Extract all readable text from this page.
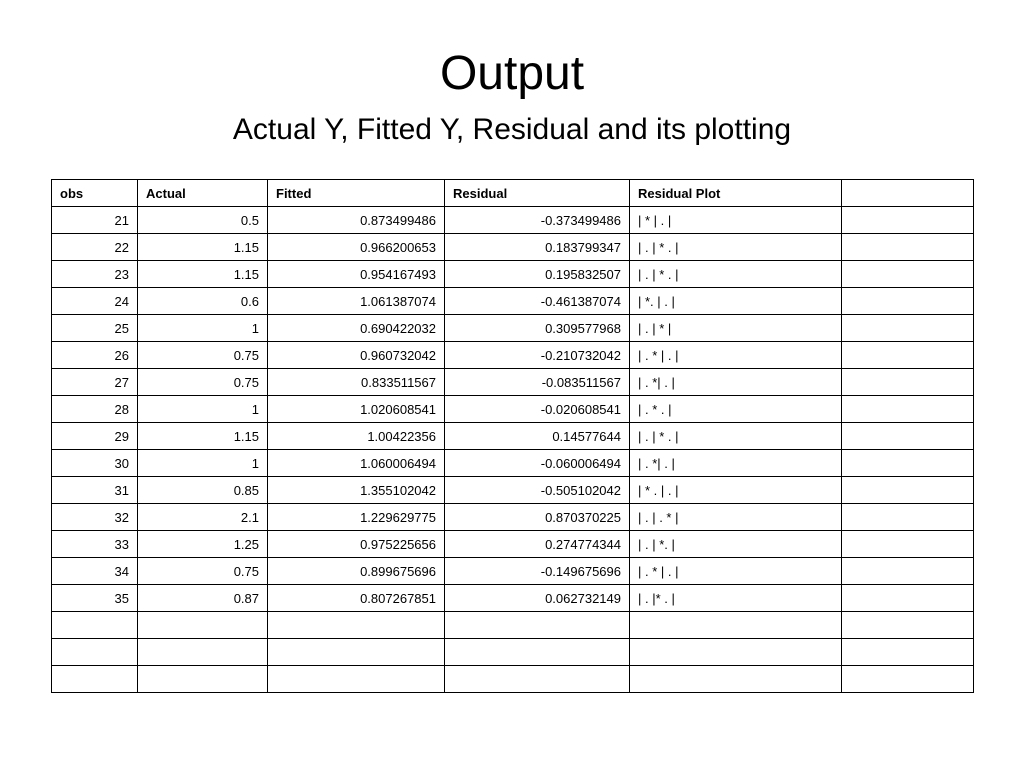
Output
Actual Y, Fitted Y, Residual and its plotting
obs	Actual	Fitted	Residual	Residual Plot	
21	0.5	0.873499486	-0.373499486	| * | . |	
22	1.15	0.966200653	0.183799347	| . | * . |	
23	1.15	0.954167493	0.195832507	| . | * . |	
24	0.6	1.061387074	-0.461387074	| *. | . |	
25	1	0.690422032	0.309577968	| . | * |	
26	0.75	0.960732042	-0.210732042	| . * | . |	
27	0.75	0.833511567	-0.083511567	| . *| . |	
28	1	1.020608541	-0.020608541	| . * . |	
29	1.15	1.00422356	0.14577644	| . | * . |	
30	1	1.060006494	-0.060006494	| . *| . |	
31	0.85	1.355102042	-0.505102042	| * . | . |	
32	2.1	1.229629775	0.870370225	| . | . * |	
33	1.25	0.975225656	0.274774344	| . | *. |	
34	0.75	0.899675696	-0.149675696	| . * | . |	
35	0.87	0.807267851	0.062732149	| . |* . |	
